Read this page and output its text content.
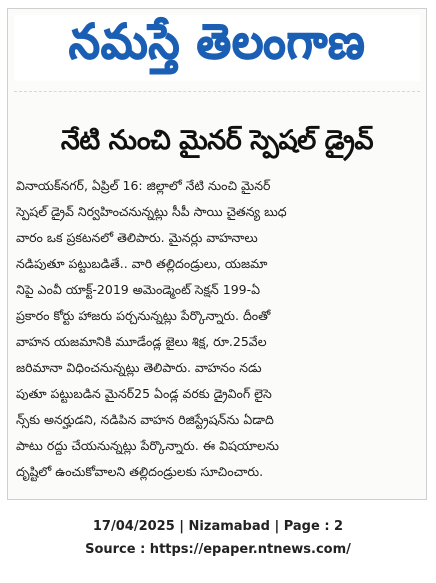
నమస్తే తెలంగాణ
నేటి నుంచి మైనర్ స్పెషల్ డ్రైవ్
వినాయక్‌నగర్, ఏప్రిల్ 16: జిల్లాలో నేటి నుంచి మైనర్
స్పెషల్ డ్రైవ్ నిర్వహించనున్నట్లు సీపీ సాయి చైతన్య బుధ
వారం ఒక ప్రకటనలో తెలిపారు. మైనర్లు వాహనాలు
నడిపుతూ పట్టుబడితే.. వారి తల్లిదండ్రులు, యజమా
నిపై ఎంవీ యాక్ట్-2019 అమెండ్మెంట్ సెక్షన్ 199-ఏ
ప్రకారం కోర్టు హాజరు పర్చనున్నట్లు పేర్కొన్నారు. దీంతో
వాహన యజమానికి మూడేండ్ల జైలు శిక్ష, రూ.25వేల
జరిమానా విధించనున్నట్లు తెలిపారు. వాహనం నడు
పుతూ పట్టుబడిన మైనర్25 ఏండ్ల వరకు డ్రైవింగ్ లైసె
న్స్‌కు అనర్హుడని, నడిపిన వాహన రిజిస్ట్రేషన్‌ను ఏడాది
పాటు రద్దు చేయనున్నట్లు పేర్కొన్నారు. ఈ విషయాలను
దృష్టిలో ఉంచుకోవాలని తల్లిదండ్రులకు సూచించారు.
17/04/2025 | Nizamabad | Page : 2
Source : https://epaper.ntnews.com/
